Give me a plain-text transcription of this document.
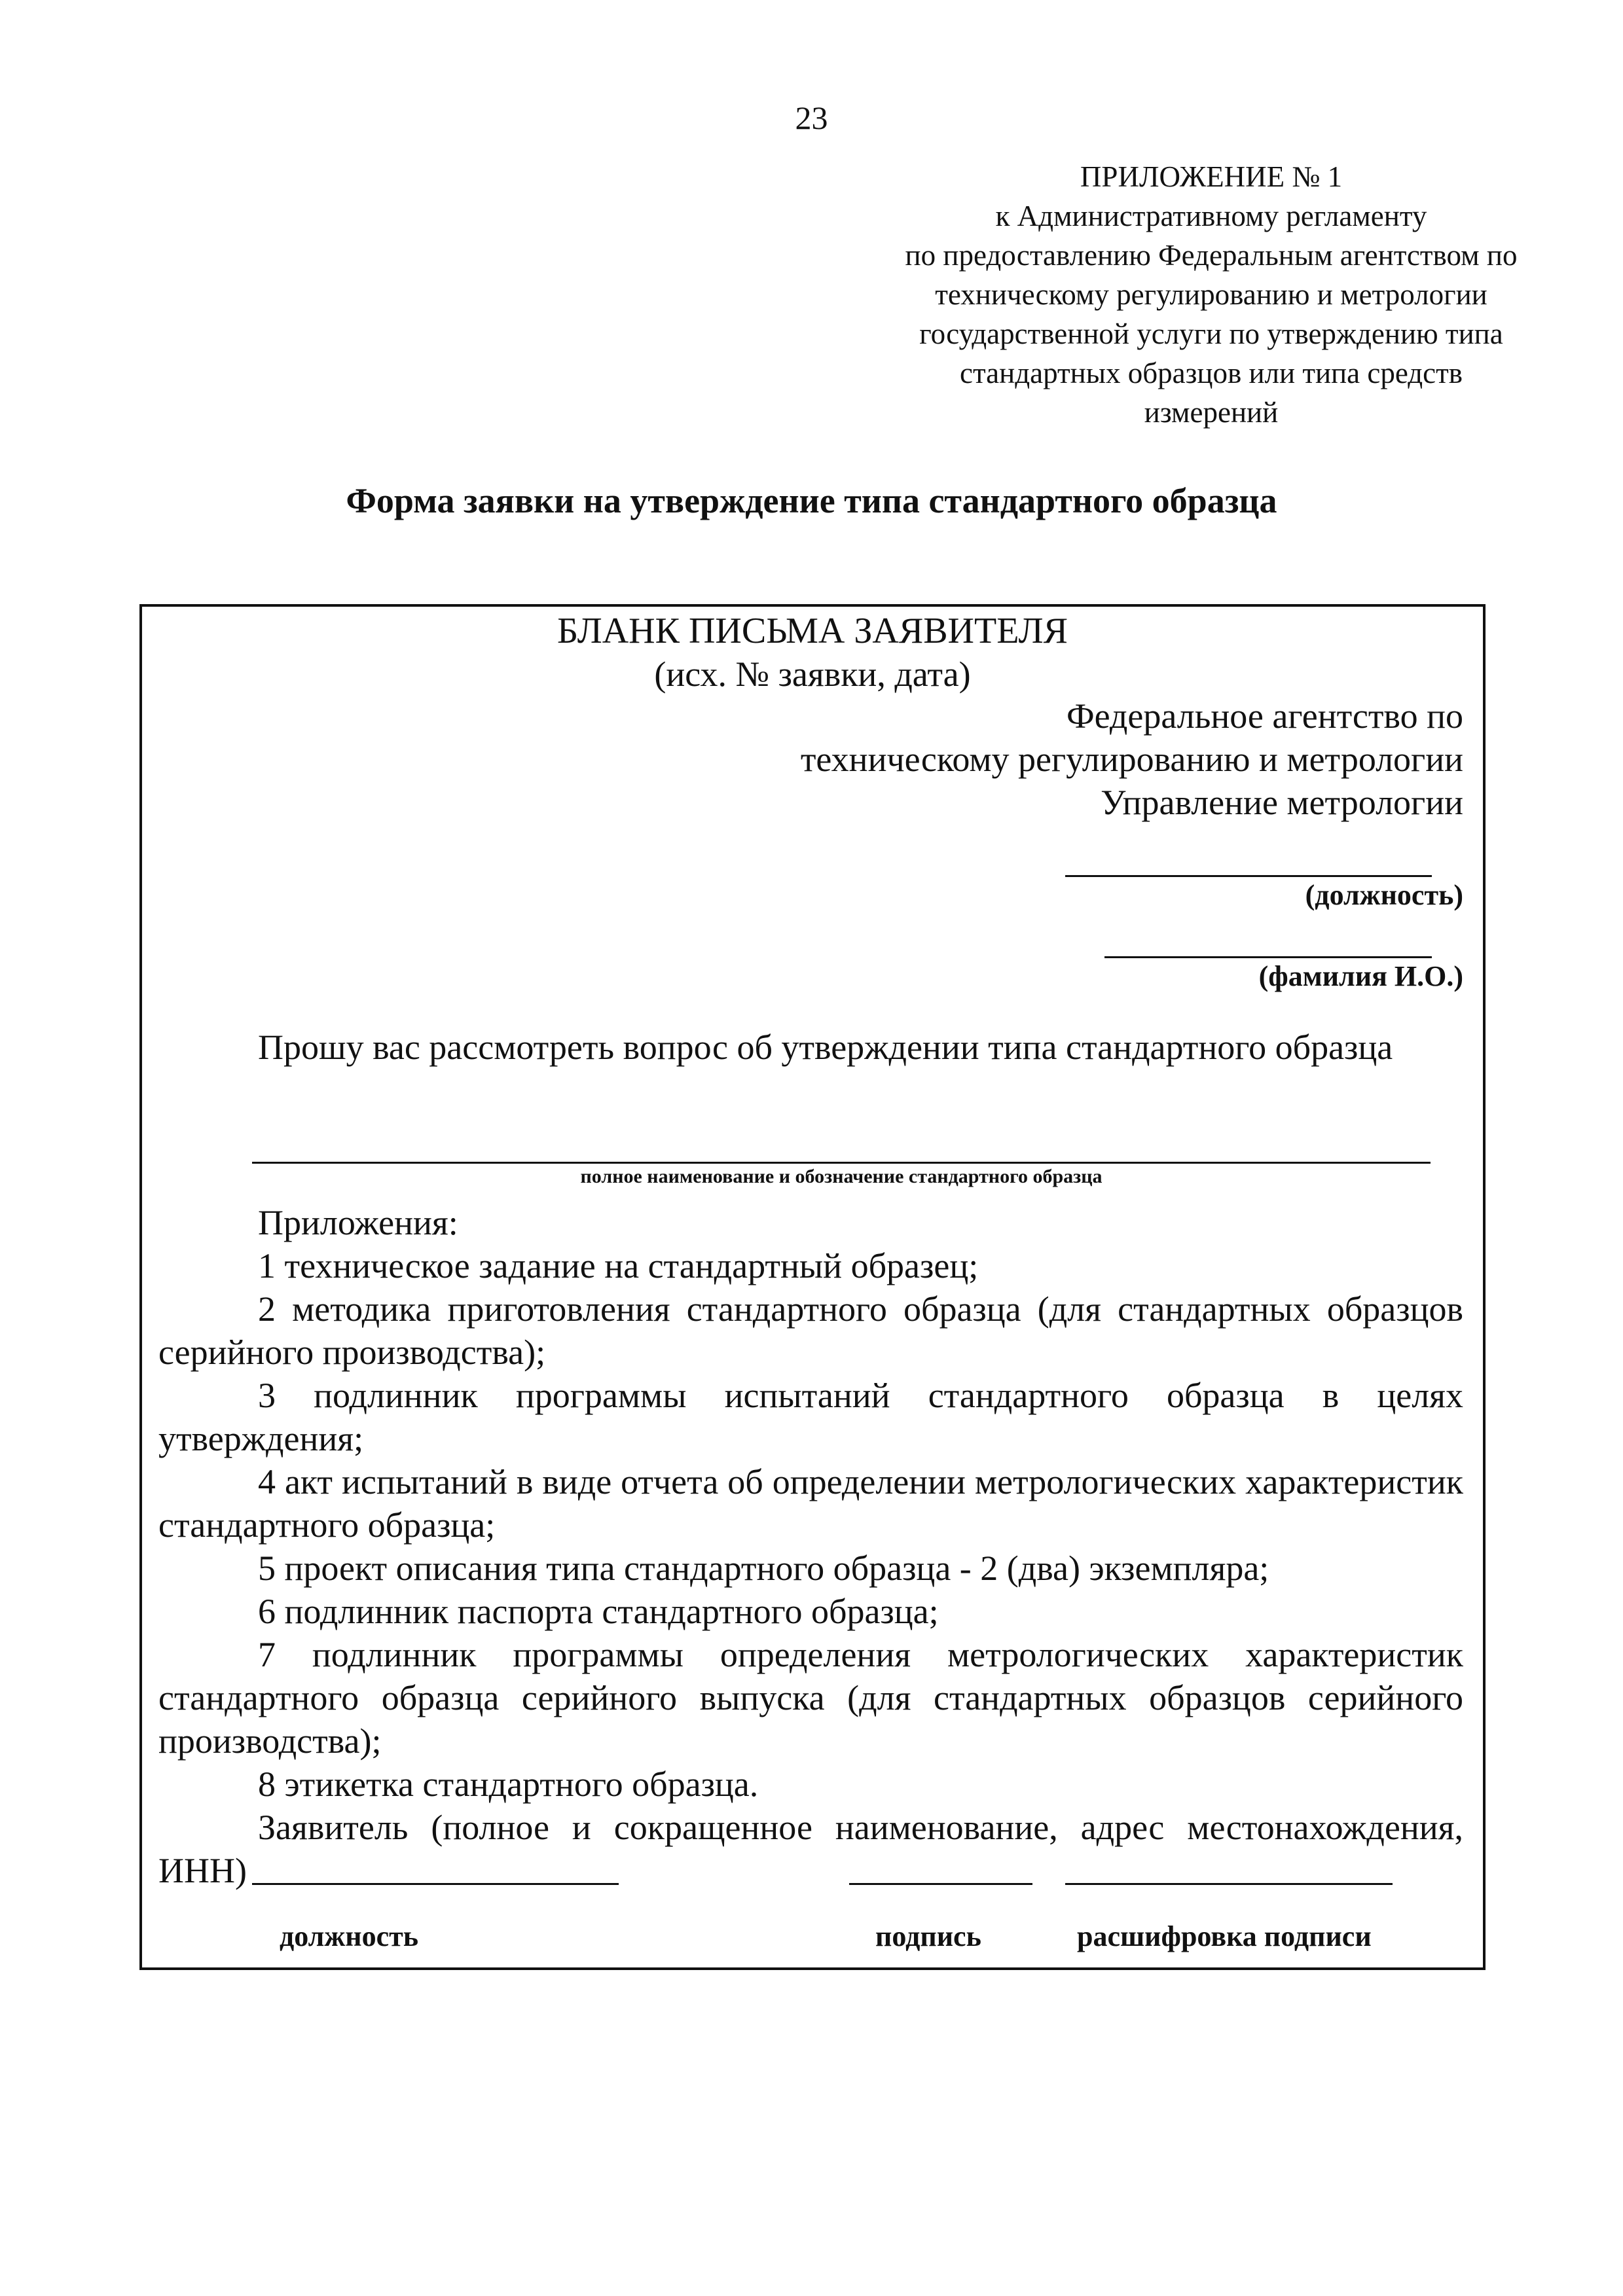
23
ПРИЛОЖЕНИЕ № 1
к Административному регламенту
по предоставлению Федеральным агентством по
техническому регулированию и метрологии
государственной услуги по утверждению типа
стандартных образцов или типа средств
измерений
Форма заявки на утверждение типа стандартного образца
БЛАНК ПИСЬМА ЗАЯВИТЕЛЯ
(исх. № заявки, дата)
Федеральное агентство по
техническому регулированию и метрологии
Управление метрологии
(должность)
(фамилия И.О.)
Прошу вас рассмотреть вопрос об утверждении типа стандартного образца
полное наименование и обозначение стандартного образца

Приложения:

1 техническое задание на стандартный образец;

2 методика приготовления стандартного образца (для стандартных образцов серийного производства);

3 подлинник программы испытаний стандартного образца в целях утверждения;

4 акт испытаний в виде отчета об определении метрологических характеристик стандартного образца;

5 проект описания типа стандартного образца - 2 (два) экземпляра;

6 подлинник паспорта стандартного образца;

7 подлинник программы определения метрологических характеристик стандартного образца серийного выпуска (для стандартных образцов серийного производства);

8 этикетка стандартного образца.

Заявитель (полное и сокращенное наименование, адрес местонахождения, ИНН)

должность	подпись	расшифровка подписи
